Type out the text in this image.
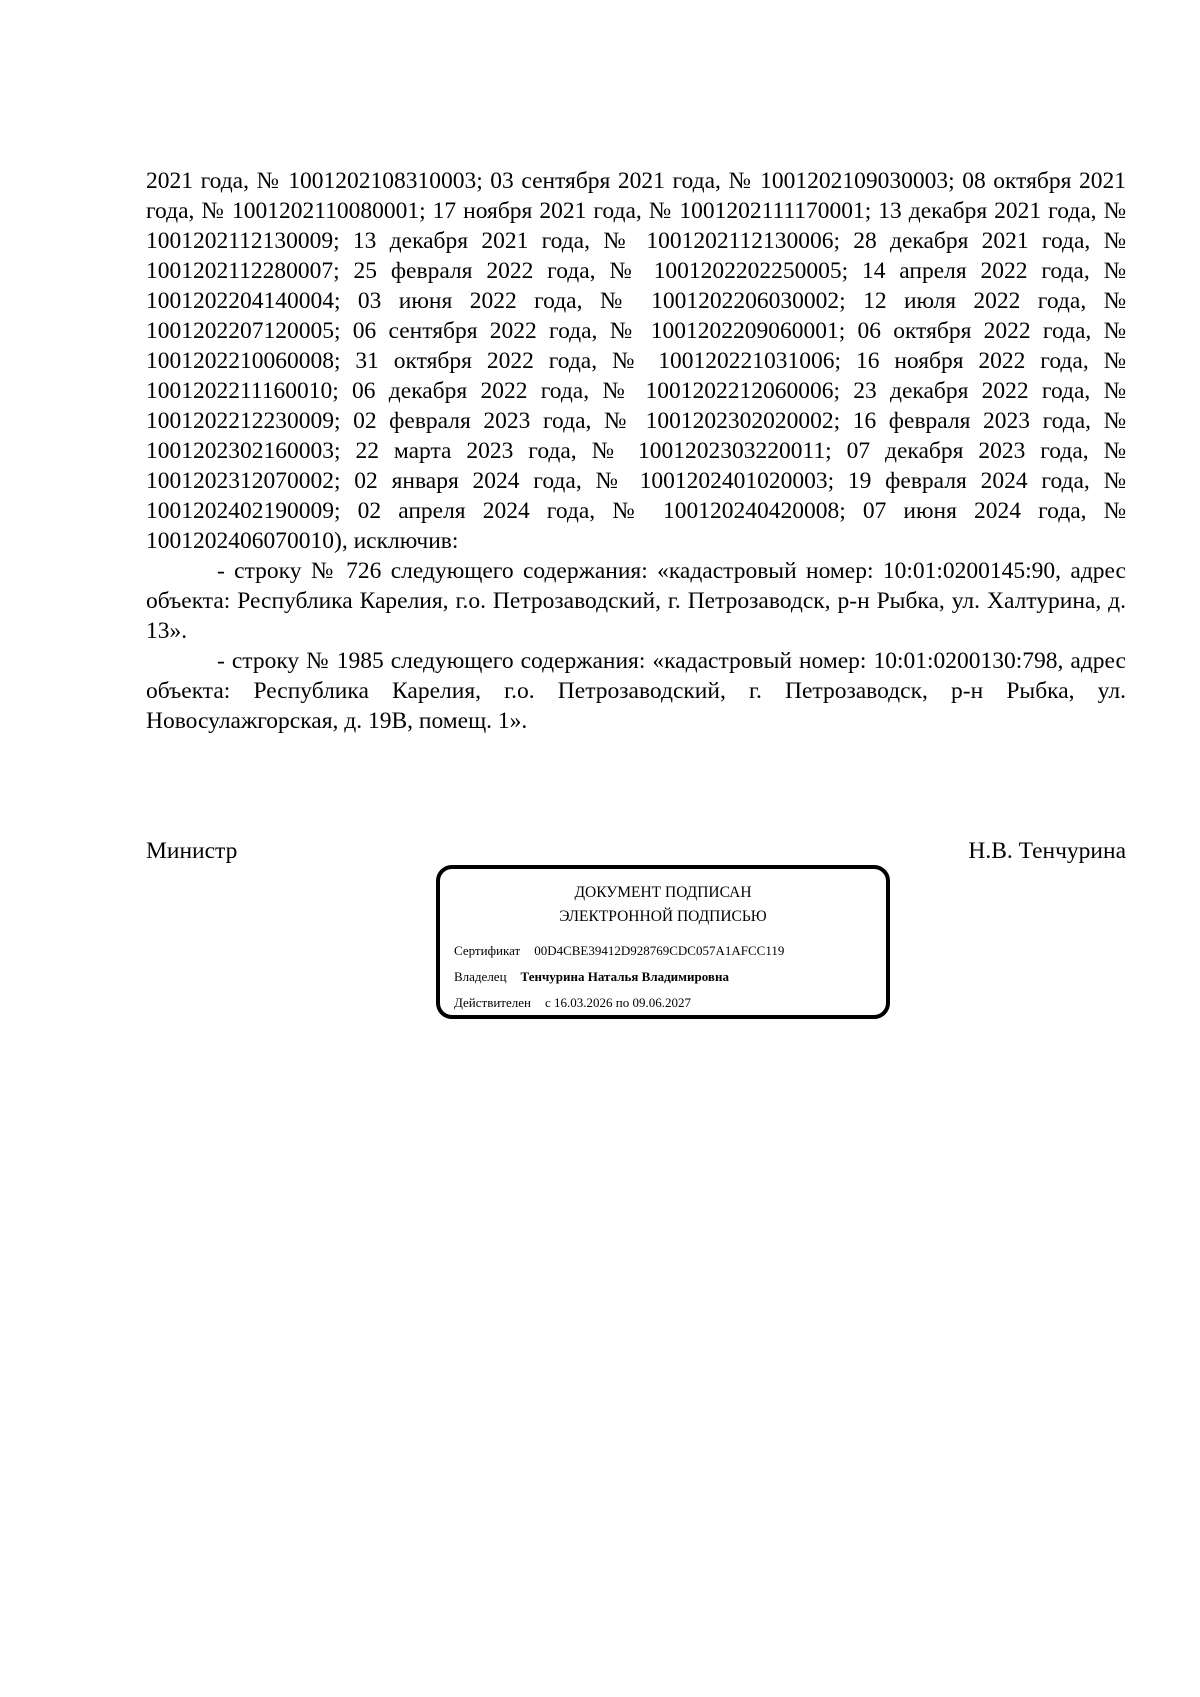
2021 года, № 1001202108310003; 03 сентября 2021 года, № 1001202109030003; 08 октября 2021 года, № 1001202110080001; 17 ноября 2021 года, № 1001202111170001; 13 декабря 2021 года, № 1001202112130009; 13 декабря 2021 года, № 1001202112130006; 28 декабря 2021 года, № 1001202112280007; 25 февраля 2022 года, № 1001202202250005; 14 апреля 2022 года, № 1001202204140004; 03 июня 2022 года, № 1001202206030002; 12 июля 2022 года, № 1001202207120005; 06 сентября 2022 года, № 1001202209060001; 06 октября 2022 года, № 1001202210060008; 31 октября 2022 года, № 100120221031006; 16 ноября 2022 года, № 1001202211160010; 06 декабря 2022 года, № 1001202212060006; 23 декабря 2022 года, № 1001202212230009; 02 февраля 2023 года, № 1001202302020002; 16 февраля 2023 года, № 1001202302160003; 22 марта 2023 года, № 1001202303220011; 07 декабря 2023 года, № 1001202312070002; 02 января 2024 года, № 1001202401020003; 19 февраля 2024 года, № 1001202402190009; 02 апреля 2024 года, № 100120240420008; 07 июня 2024 года, № 1001202406070010), исключив:

- строку № 726 следующего содержания: «кадастровый номер: 10:01:0200145:90, адрес объекта: Республика Карелия, г.о. Петрозаводский, г. Петрозаводск, р-н Рыбка, ул. Халтурина, д. 13».

- строку № 1985 следующего содержания: «кадастровый номер: 10:01:0200130:798, адрес объекта: Республика Карелия, г.о. Петрозаводский, г. Петрозаводск, р-н Рыбка, ул. Новосулажгорская, д. 19В, помещ. 1».

Министр	Н.В. Тенчурина
ДОКУМЕНТ ПОДПИСАН
ЭЛЕКТРОННОЙ ПОДПИСЬЮ
Сертификат 00D4CBE39412D928769CDC057A1AFCC119
Владелец Тенчурина Наталья Владимировна
Действителен с 16.03.2026 по 09.06.2027
